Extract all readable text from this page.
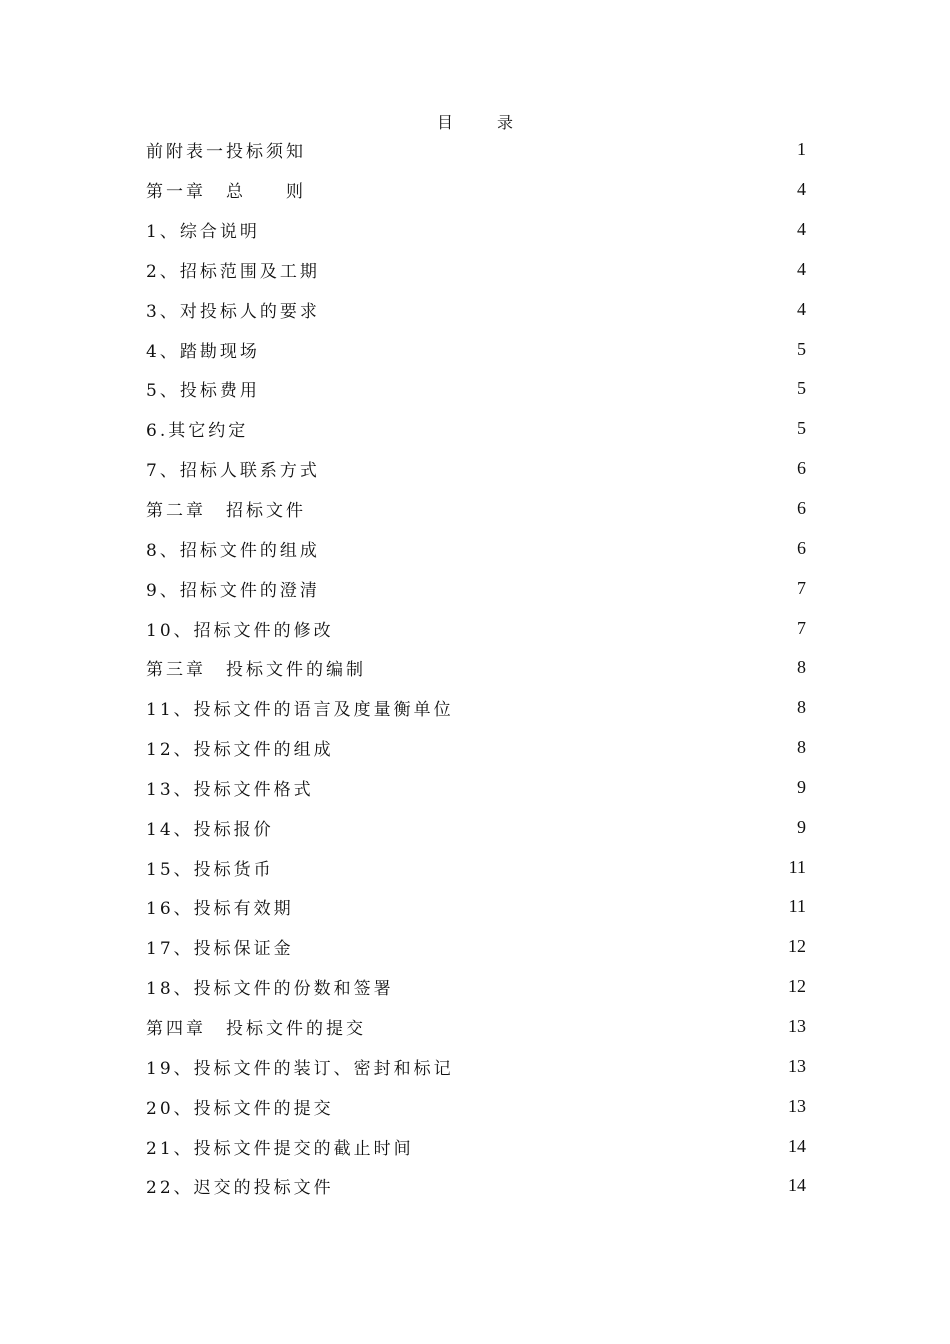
目　录
前附表一投标须知	1
第一章　总　　则	4
1、综合说明	4
2、招标范围及工期	4
3、对投标人的要求	4
4、踏勘现场	5
5、投标费用	5
6.其它约定	5
7、招标人联系方式	6
第二章　招标文件	6
8、招标文件的组成	6
9、招标文件的澄清	7
10、招标文件的修改	7
第三章　投标文件的编制	8
11、投标文件的语言及度量衡单位	8
12、投标文件的组成	8
13、投标文件格式	9
14、投标报价	9
15、投标货币	11
16、投标有效期	11
17、投标保证金	12
18、投标文件的份数和签署	12
第四章　投标文件的提交	13
19、投标文件的装订、密封和标记	13
20、投标文件的提交	13
21、投标文件提交的截止时间	14
22、迟交的投标文件	14
